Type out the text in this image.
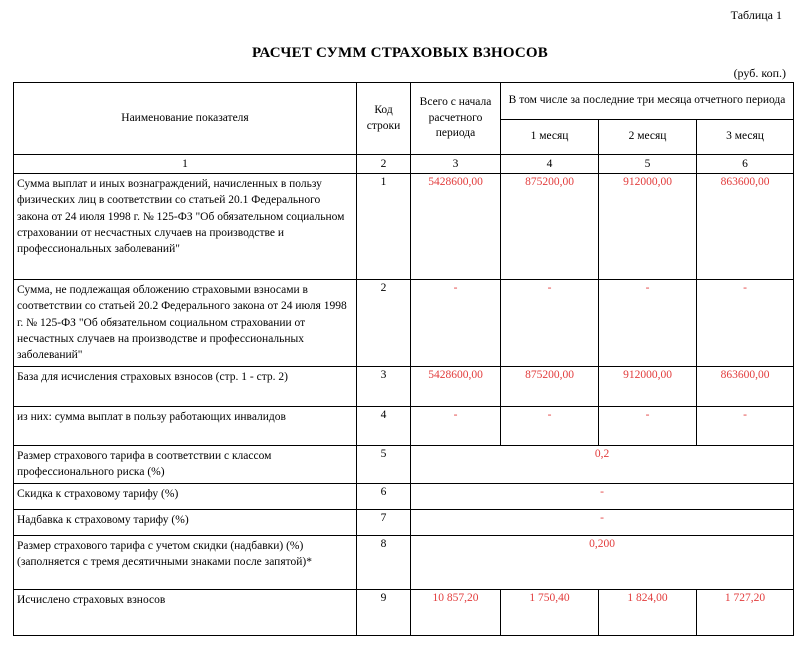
Таблица 1
РАСЧЕТ СУММ СТРАХОВЫХ ВЗНОСОВ
(руб. коп.)
Наименование показателя	Код строки	Всего с начала расчетного периода	В том числе за последние три месяца отчетного периода		
			1 месяц	2 месяц	3 месяц
1	2	3	4	5	6
Сумма выплат и иных вознаграждений, начисленных в пользу физических лиц в соответствии со статьей 20.1 Федерального закона от 24 июля 1998 г. № 125-ФЗ "Об обязательном социальном страховании от несчастных случаев на производстве и профессиональных заболеваний"	1	5428600,00	875200,00	912000,00	863600,00
Сумма, не подлежащая обложению страховыми взносами в соответствии со статьей 20.2 Федерального закона от 24 июля 1998 г. № 125-ФЗ "Об обязательном социальном страховании от несчастных случаев на производстве и профессиональных заболеваний"	2	-	-	-	-
База для исчисления страховых взносов (стр. 1 - стр. 2)	3	5428600,00	875200,00	912000,00	863600,00
из них: сумма выплат в пользу работающих инвалидов	4	-	-	-	-
Размер страхового тарифа в соответствии с классом профессионального риска (%)	5	0,2			
Скидка к страховому тарифу (%)	6	-			
Надбавка к страховому тарифу (%)	7	-			
Размер страхового тарифа с учетом скидки (надбавки) (%) (заполняется с тремя десятичными знаками после запятой)*	8	0,200			
Исчислено страховых взносов	9	10 857,20	1 750,40	1 824,00	1 727,20
